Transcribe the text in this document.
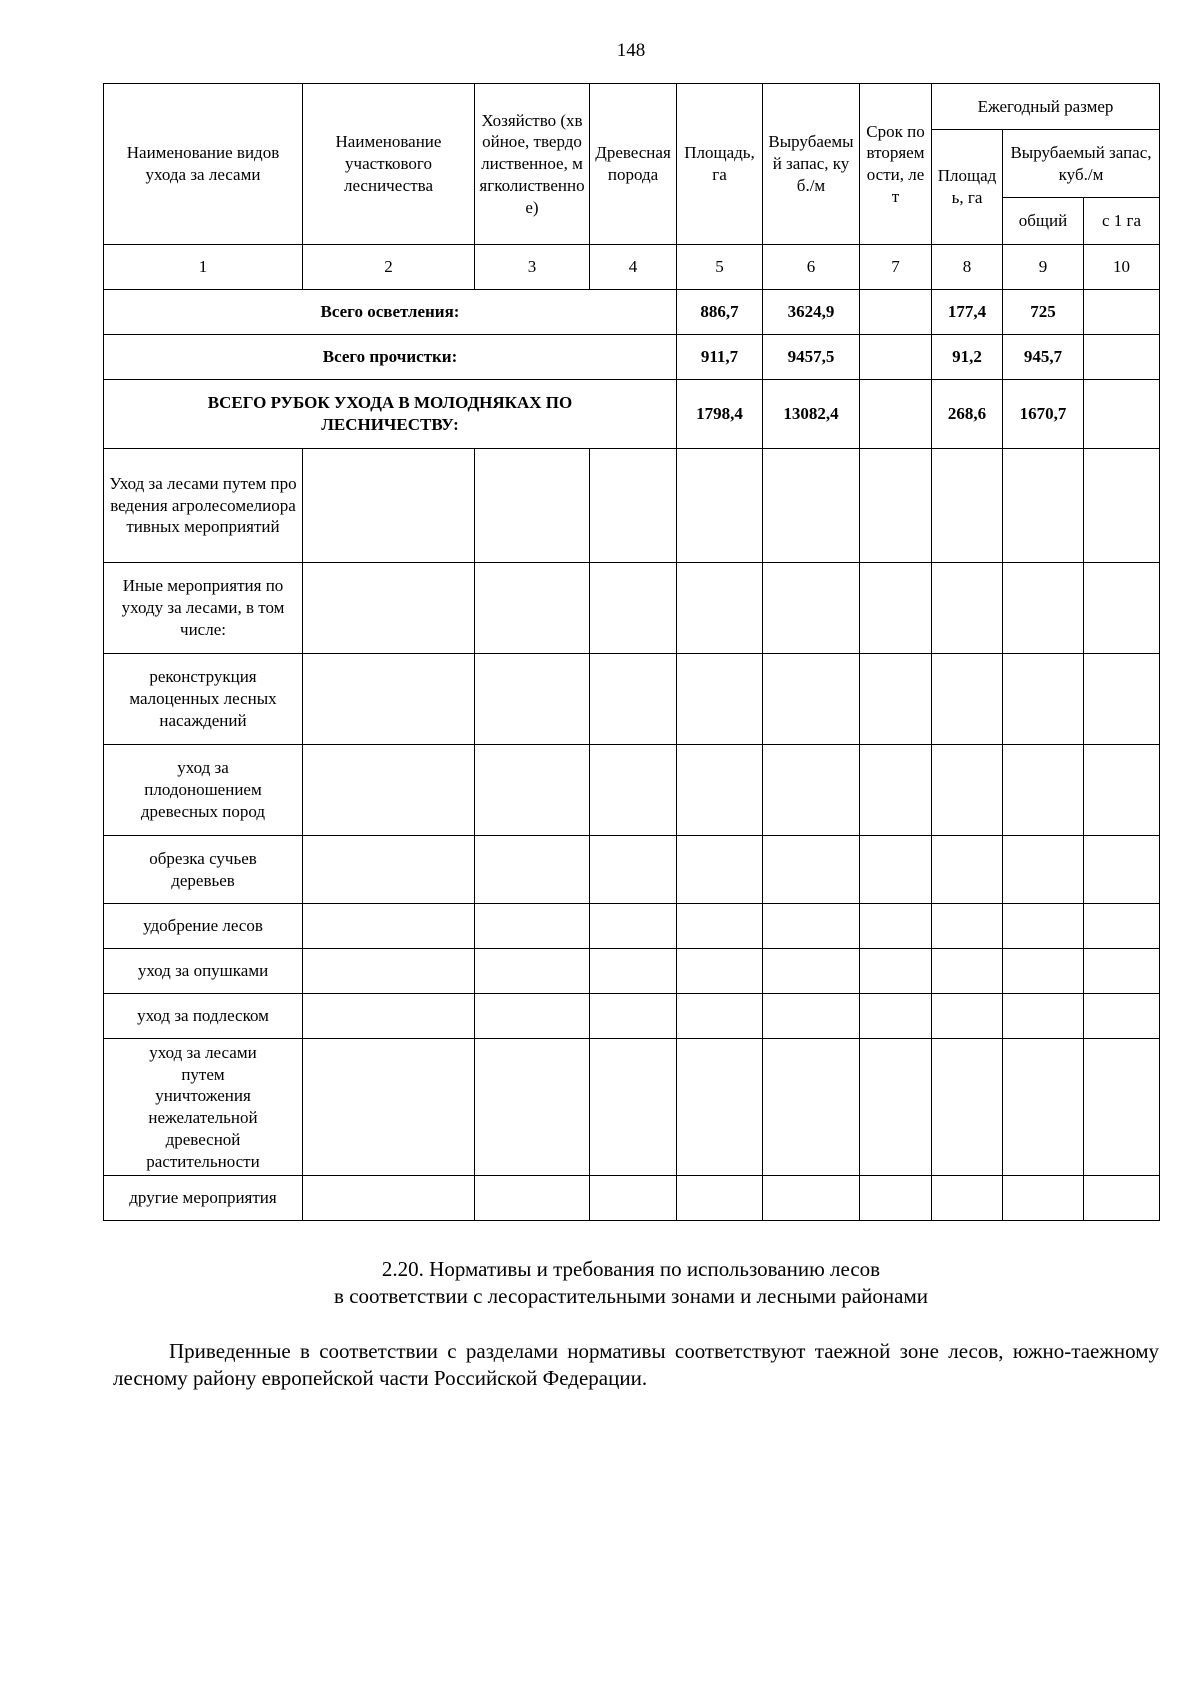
148
Наименование видов ухода за лесами	Наименование участкового лесничества	Хозяйство (хвойное, твердолиственное, мягколиственное)	Древесная порода	Площадь, га	Вырубаемый запас, куб./м	Срок повторяемости, лет	Ежегодный размер		
							Площадь, га	Вырубаемый запас, куб./м	
								общий	с 1 га
1	2	3	4	5	6	7	8	9	10
Всего осветления:				886,7	3624,9		177,4	725	
Всего прочистки:				911,7	9457,5		91,2	945,7	
ВСЕГО РУБОК УХОДА В МОЛОДНЯКАХ ПО ЛЕСНИЧЕСТВУ:				1798,4	13082,4		268,6	1670,7	
Уход за лесами путем проведения агролесомелиоративных мероприятий									
Иные мероприятия по уходу за лесами, в том числе:									
реконструкция малоценных лесных насаждений									
уход за плодоношением древесных пород									
обрезка сучьев деревьев									
удобрение лесов									
уход за опушками									
уход за подлеском									
уход за лесами путем уничтожения нежелательной древесной растительности									
другие мероприятия									
2.20. Нормативы и требования по использованию лесов
в соответствии с лесорастительными зонами и лесными районами

Приведенные в соответствии с разделами нормативы соответствуют таежной зоне лесов, южно-таежному лесному району европейской части Российской Федерации.
